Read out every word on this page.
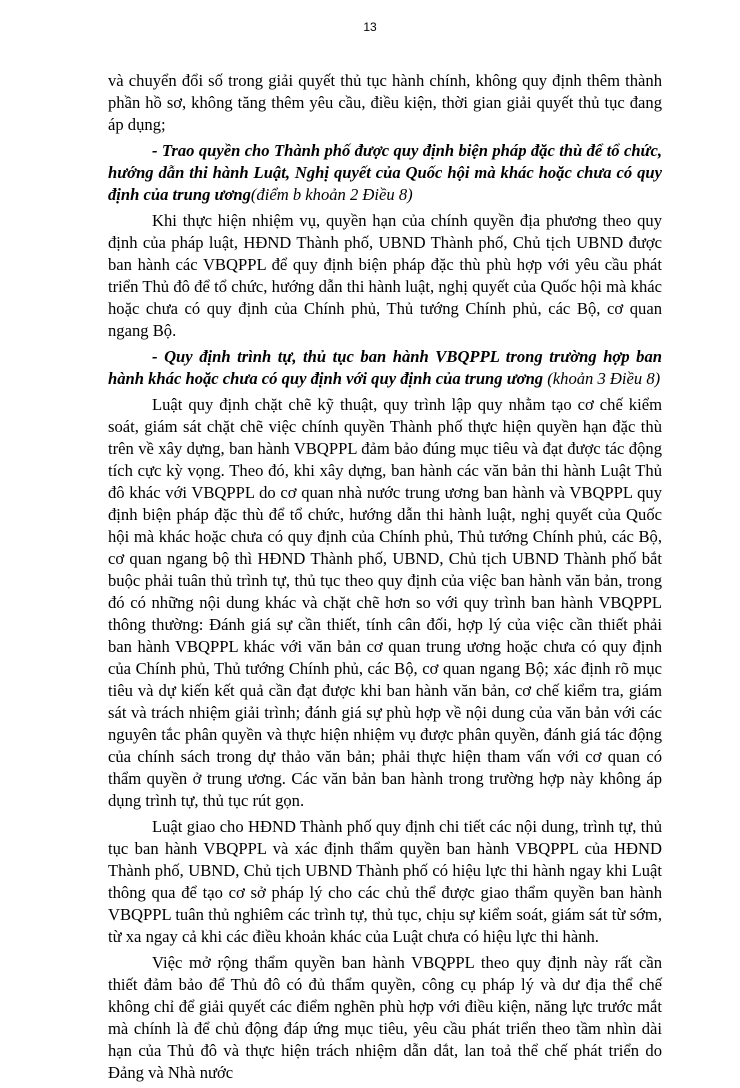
13

và chuyển đổi số trong giải quyết thủ tục hành chính, không quy định thêm thành phần hồ sơ, không tăng thêm yêu cầu, điều kiện, thời gian giải quyết thủ tục đang áp dụng;

- Trao quyền cho Thành phố được quy định biện pháp đặc thù để tổ chức, hướng dẫn thi hành Luật, Nghị quyết của Quốc hội mà khác hoặc chưa có quy định của trung ương(điểm b khoản 2 Điều 8)

Khi thực hiện nhiệm vụ, quyền hạn của chính quyền địa phương theo quy định của pháp luật, HĐND Thành phố, UBND Thành phố, Chủ tịch UBND được ban hành các VBQPPL để quy định biện pháp đặc thù phù hợp với yêu cầu phát triển Thủ đô để tổ chức, hướng dẫn thi hành luật, nghị quyết của Quốc hội mà khác hoặc chưa có quy định của Chính phủ, Thủ tướng Chính phủ, các Bộ, cơ quan ngang Bộ.

- Quy định trình tự, thủ tục ban hành VBQPPL trong trường hợp ban hành khác hoặc chưa có quy định với quy định của trung ương (khoản 3 Điều 8)

Luật quy định chặt chẽ kỹ thuật, quy trình lập quy nhằm tạo cơ chế kiểm soát, giám sát chặt chẽ việc chính quyền Thành phố thực hiện quyền hạn đặc thù trên về xây dựng, ban hành VBQPPL đảm bảo đúng mục tiêu và đạt được tác động tích cực kỳ vọng. Theo đó, khi xây dựng, ban hành các văn bản thi hành Luật Thủ đô khác với VBQPPL do cơ quan nhà nước trung ương ban hành và VBQPPL quy định biện pháp đặc thù để tổ chức, hướng dẫn thi hành luật, nghị quyết của Quốc hội mà khác hoặc chưa có quy định của Chính phủ, Thủ tướng Chính phủ, các Bộ, cơ quan ngang bộ thì HĐND Thành phố, UBND, Chủ tịch UBND Thành phố bắt buộc phải tuân thủ trình tự, thủ tục theo quy định của việc ban hành văn bản, trong đó có những nội dung khác và chặt chẽ hơn so với quy trình ban hành VBQPPL thông thường: Đánh giá sự cần thiết, tính cân đối, hợp lý của việc cần thiết phải ban hành VBQPPL khác với văn bản cơ quan trung ương hoặc chưa có quy định của Chính phủ, Thủ tướng Chính phủ, các Bộ, cơ quan ngang Bộ; xác định rõ mục tiêu và dự kiến kết quả cần đạt được khi ban hành văn bản, cơ chế kiểm tra, giám sát và trách nhiệm giải trình; đánh giá sự phù hợp về nội dung của văn bản với các nguyên tắc phân quyền và thực hiện nhiệm vụ được phân quyền, đánh giá tác động của chính sách trong dự thảo văn bản; phải thực hiện tham vấn với cơ quan có thẩm quyền ở trung ương. Các văn bản ban hành trong trường hợp này không áp dụng trình tự, thủ tục rút gọn.

Luật giao cho HĐND Thành phố quy định chi tiết các nội dung, trình tự, thủ tục ban hành VBQPPL và xác định thẩm quyền ban hành VBQPPL của HĐND Thành phố, UBND, Chủ tịch UBND Thành phố có hiệu lực thi hành ngay khi Luật thông qua để tạo cơ sở pháp lý cho các chủ thể được giao thẩm quyền ban hành VBQPPL tuân thủ nghiêm các trình tự, thủ tục, chịu sự kiểm soát, giám sát từ sớm, từ xa ngay cả khi các điều khoản khác của Luật chưa có hiệu lực thi hành.

Việc mở rộng thẩm quyền ban hành VBQPPL theo quy định này rất cần thiết đảm bảo để Thủ đô có đủ thẩm quyền, công cụ pháp lý và dư địa thể chế không chỉ để giải quyết các điểm nghẽn phù hợp với điều kiện, năng lực trước mắt mà chính là để chủ động đáp ứng mục tiêu, yêu cầu phát triển theo tầm nhìn dài hạn của Thủ đô và thực hiện trách nhiệm dẫn dắt, lan toả thể chế phát triển do Đảng và Nhà nước
